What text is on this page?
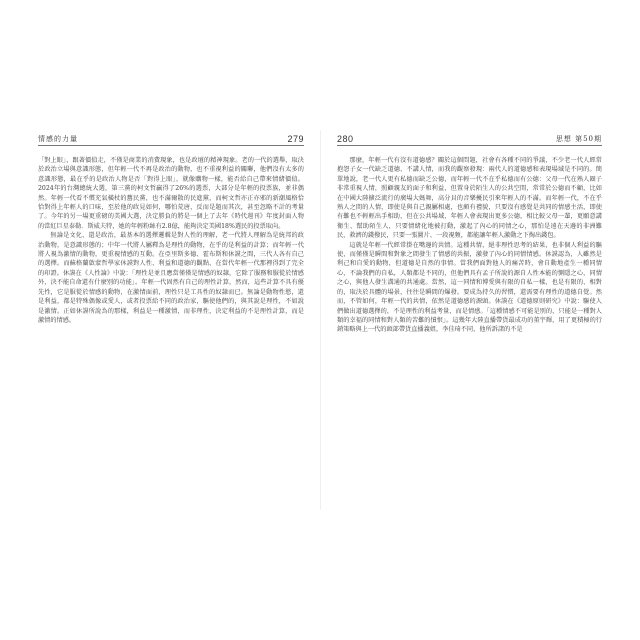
情感的力量	279

「對上眼」，跟著價值走，不僅是商業的消費現象，也是政壇的精神現象。老的一代的選舉，取決於政治立場與意識形態，但年輕一代不再是政治的動物，也不重視利益的關聯，他們沒有太多的意識形態，最在乎的是政治人物是否「對得上眼」，就像購物一樣，能否給自己帶來情緒價值。2024年的台灣總統大選，第三黨的柯文哲贏得了26%的選票，大部分是年輕的投票族，並非偶然。年輕一代看不慣充氣橫杖的舊民黨，也不滿爾散的民進黨，而柯文哲亦正亦邪的新潮風格恰恰對得上年輕人的口味，至於他的政見如何，哪怕荒唐，反而是題而其次，甚至忽略不計的考量了。今年的另一場更重磅的美國大選，決定勝負的將是一個上了去年《時代週刊》年度封面人物的當紅巨星泰勒．斯威夫特，她的年輕粉絲有2.8億，能夠決定美國18%選民的投票取向。

無論是文化，還是政治，最基本的選擇邏輯是對人性的理解，老一代將人理解為是統邦的政治動物，是意識形態的；中年一代將人屬釋為是理性的動物，在乎的是利益的計算；而年輕一代將人視為激情的動物，更重視情感的互動。在亞里斯多德、霍布斯和休謨之間，三代人各有自己的選擇。而蘇格蘭啟蒙哲學家休謨對人性、利益和道德的觀點，在當代年輕一代那裡得到了完全的印證。休謨在《人性論》中說：「理性是並且應當僅僅是情感的奴隸，它除了服務和服從於情感外，決不能自命還有什麼別的功能」。年輕一代固然有自己的理性計算，然而，這些計算不具有優先性，它是服從於情感的動物，在激情面前，理性只是工具性的奴隸而已。無論是動物性慾，還是利益，都是特殊偶像或愛人，或者投票給不同的政治家，驅使他們的，與其說是理性，不如說是激情。正如休謨所說為的那樣，利益是一種激情，而非理性，決定利益的不是理性計算，而是激情的情感。

280	思想 第50期

那麼，年輕一代有沒有道德感？關於這個問題，社會有各種不同的爭議，不少老一代人經常抱怨子女一代缺乏道德、不講人情，而我的觀察發現：兩代人的道德感和表現場域是不同的。簡單地說，老一代人更有私德而缺乏公德，而年輕一代不在乎私德而有公德：父母一代在熟人圈子非常重視人情，照顧親友的面子和利益，但置身於陌生人的公共空間，常常於公德而不顧，比如在中國大陸擴泛流行的廣場大媽舞，高分貝的音樂擾民引來年輕人的不滿。而年輕一代，不在乎熟人之間的人情，即使是與自己親屬相處，也頗有禮貌，只要沒有感覺是共同的情感主活，即使有難也不輕輕出手相助，但在公共場域，年輕人會表現出更多公德，相比較父母一輩，更願意講衛生、幫助陌生人，只要情緒化地被打動，激起了內心的同情之心，那怕是遠在天邊的非洲難民，救濟的錢撥民，只要一張圖片、一段視頻，都能讓年輕人激動之下掏出錢包。

這就是年輕一代經常掛在嘴邊的共情。這種共情，絕非理性思考的結果，也非個人利益的驅使，而僅僅是瞬間和對象之間發生了情感的共振，激發了內心的同情情感。休謨認為，人雖然是利己和自愛的動物，但道德是自然的事情。當我們面對他人的痛苦時，會自動地產生一種同情心，不論我們的自私，人類都是不同的，但他們具有孟子所說的源自人性本能的惻隱之心，同情之心，與他人發生溝通的共通處。當然，這一同情和博愛與有限的自私一樣，也是有限的、相對的，取決於具體的場景，往往是瞬間的爆發。要成為持久的習慣，還需要有理性的道德自覺。然而，不管如何，年輕一代的共情，依然是道德感的源頭。休謨在《道德原則研究》中說：驅使人們做出道德選擇的，不是理性的利益考量，而是情感。「這種情感不可能是別的，只能是一種對人類的幸福的同情和對人類的苦難的憤恨」。這幾年大陸直播帶貨最成功的董宇輝，用了更積極的行銷策略與上一代的頭部帶貨直播義姐，李佳琦不同，他所訴諸的不是
